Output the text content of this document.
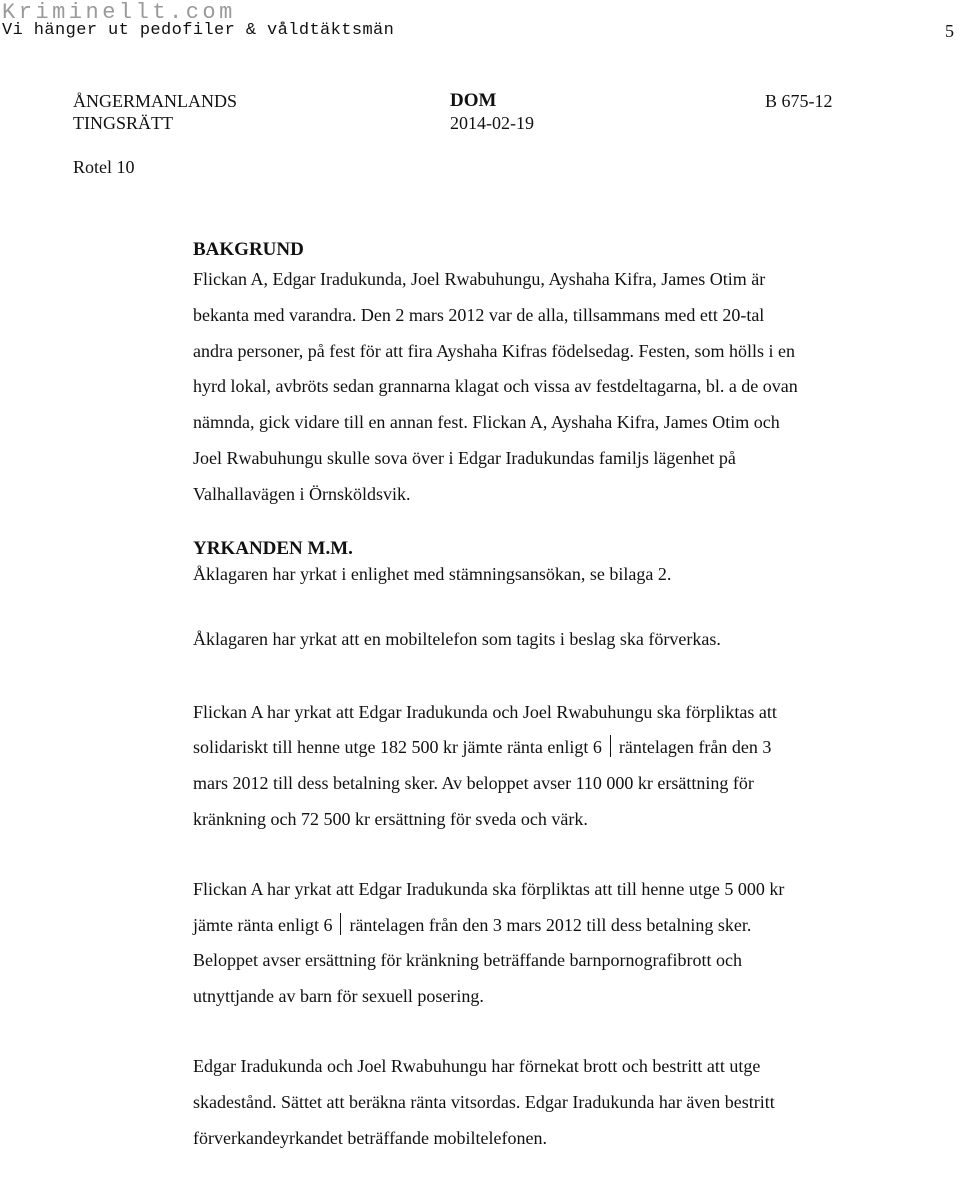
Kriminellt.com
Vi hänger ut pedofiler & våldtäktsmän	5
ÅNGERMANLANDS
TINGSRÄTT
DOM
2014-02-19
B 675-12
Rotel 10

BAKGRUND

Flickan A, Edgar Iradukunda, Joel Rwabuhungu, Ayshaha Kifra, James Otim är

bekanta med varandra. Den 2 mars 2012 var de alla, tillsammans med ett 20-tal

andra personer, på fest för att fira Ayshaha Kifras födelsedag. Festen, som hölls i en

hyrd lokal, avbröts sedan grannarna klagat och vissa av festdeltagarna, bl. a de ovan

nämnda, gick vidare till en annan fest. Flickan A, Ayshaha Kifra, James Otim och

Joel Rwabuhungu skulle sova över i Edgar Iradukundas familjs lägenhet på

Valhallavägen i Örnsköldsvik.

YRKANDEN M.M.

Åklagaren har yrkat i enlighet med stämningsansökan, se bilaga 2.

Åklagaren har yrkat att en mobiltelefon som tagits i beslag ska förverkas.

Flickan A har yrkat att Edgar Iradukunda och Joel Rwabuhungu ska förpliktas att

solidariskt till henne utge 182 500 kr jämte ränta enligt 6 räntelagen från den 3

mars 2012 till dess betalning sker. Av beloppet avser 110 000 kr ersättning för

kränkning och 72 500 kr ersättning för sveda och värk.

Flickan A har yrkat att Edgar Iradukunda ska förpliktas att till henne utge 5 000 kr

jämte ränta enligt 6 räntelagen från den 3 mars 2012 till dess betalning sker.

Beloppet avser ersättning för kränkning beträffande barnpornografibrott och

utnyttjande av barn för sexuell posering.

Edgar Iradukunda och Joel Rwabuhungu har förnekat brott och bestritt att utge

skadestånd. Sättet att beräkna ränta vitsordas. Edgar Iradukunda har även bestritt

förverkandeyrkandet beträffande mobiltelefonen.
